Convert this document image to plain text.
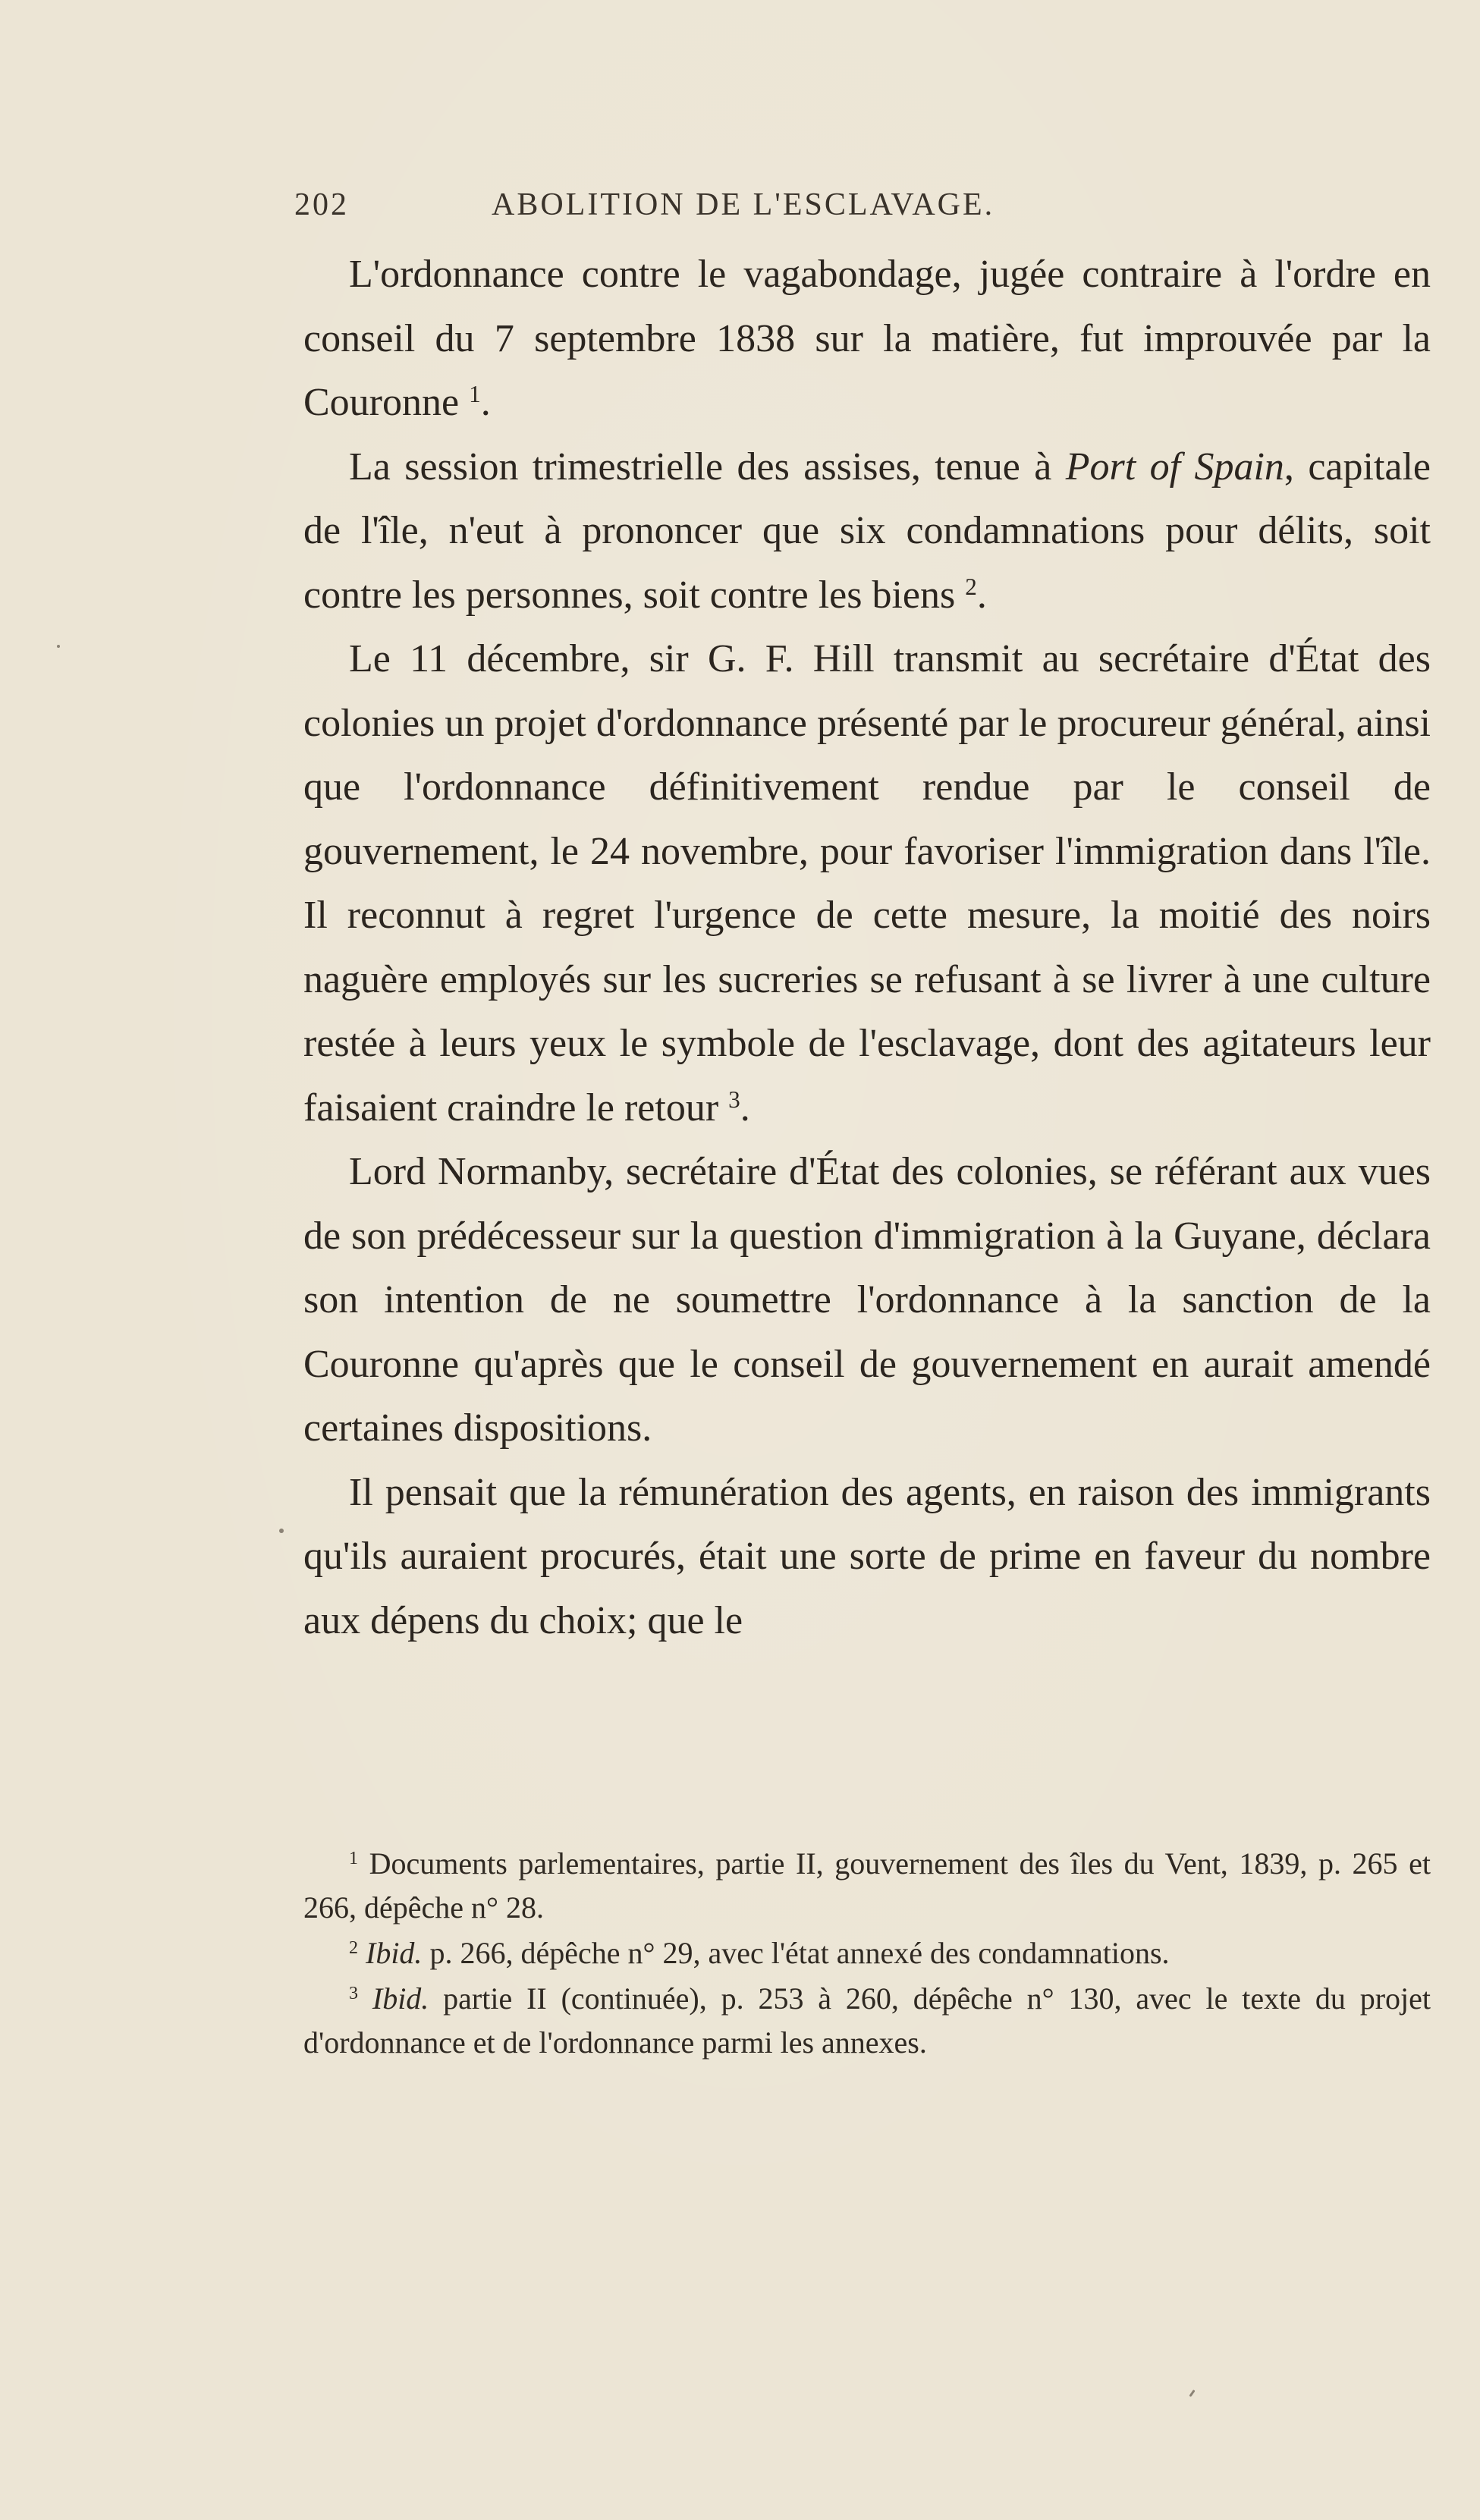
202	ABOLITION DE L'ESCLAVAGE.

L'ordonnance contre le vagabondage, jugée contraire à l'ordre en conseil du 7 septembre 1838 sur la matière, fut improuvée par la Couronne $^1$.

La session trimestrielle des assises, tenue à Port of Spain, capitale de l'île, n'eut à prononcer que six condamnations pour délits, soit contre les personnes, soit contre les biens $^2$.

Le 11 décembre, sir G. F. Hill transmit au secrétaire d'État des colonies un projet d'ordonnance présenté par le procureur général, ainsi que l'ordonnance définitivement rendue par le conseil de gouvernement, le 24 novembre, pour favoriser l'immigration dans l'île. Il reconnut à regret l'urgence de cette mesure, la moitié des noirs naguère employés sur les sucreries se refusant à se livrer à une culture restée à leurs yeux le symbole de l'esclavage, dont des agitateurs leur faisaient craindre le retour $^3$.

Lord Normanby, secrétaire d'État des colonies, se référant aux vues de son prédécesseur sur la question d'immigration à la Guyane, déclara son intention de ne soumettre l'ordonnance à la sanction de la Couronne qu'après que le conseil de gouvernement en aurait amendé certaines dispositions.

Il pensait que la rémunération des agents, en raison des immigrants qu'ils auraient procurés, était une sorte de prime en faveur du nombre aux dépens du choix; que le

$^1$ Documents parlementaires, partie II, gouvernement des îles du Vent, 1839, p. 265 et 266, dépêche n° 28.

$^2$ Ibid. p. 266, dépêche n° 29, avec l'état annexé des condamnations.

$^3$ Ibid. partie II (continuée), p. 253 à 260, dépêche n° 130, avec le texte du projet d'ordonnance et de l'ordonnance parmi les annexes.
